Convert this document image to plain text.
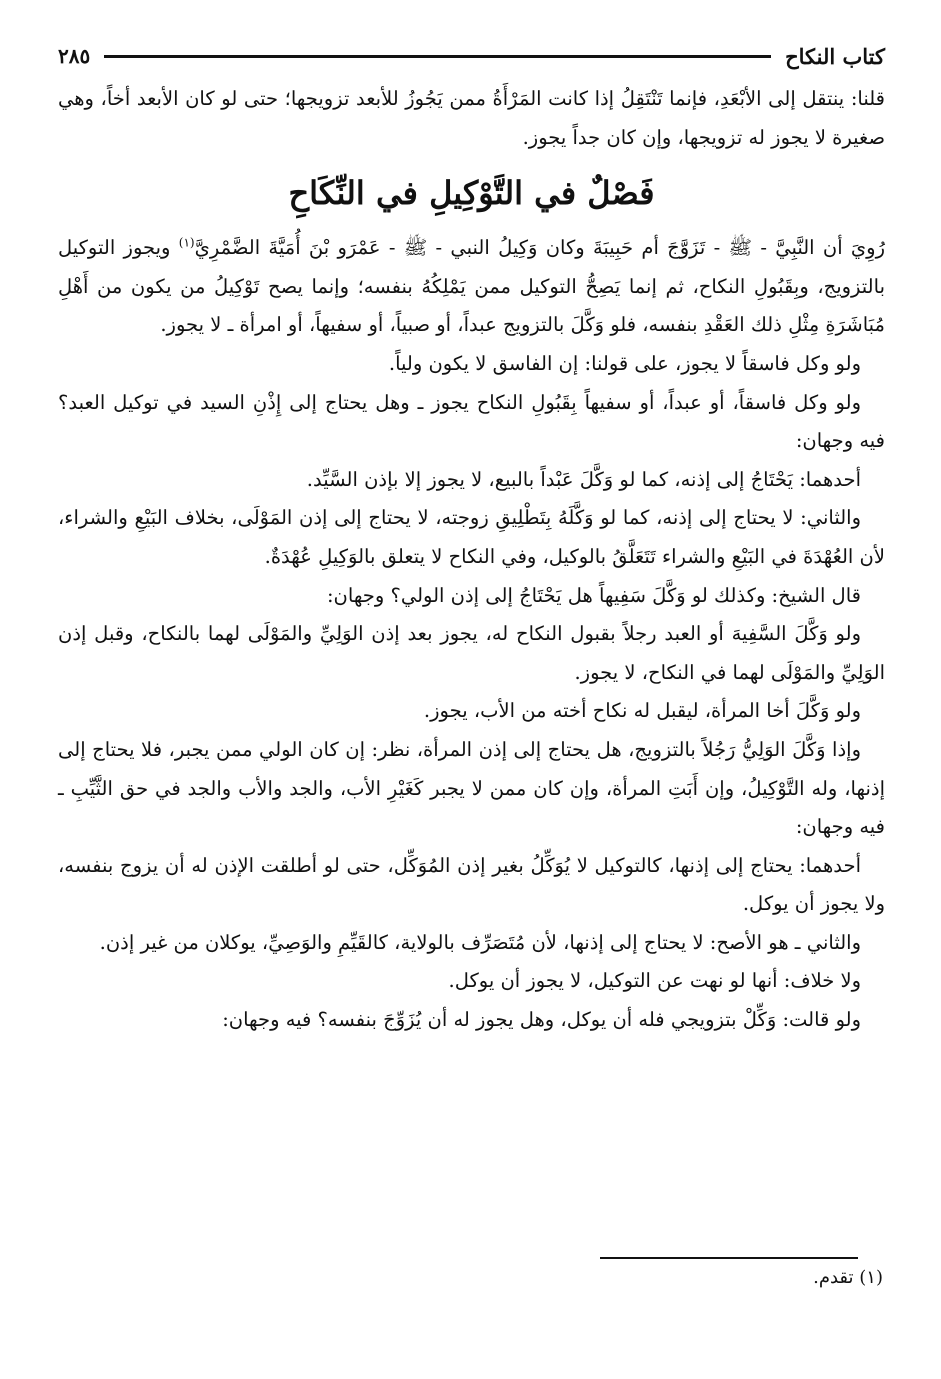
٢٨٥	كتاب النكاح

قلنا: ينتقل إلى الأبْعَدِ، فإنما تَنْتَقِلُ إذا كانت المَرْأَةُ ممن يَجُوزُ للأبعد تزويجها؛ حتى لو كان الأبعد أخاً، وهي صغيرة لا يجوز له تزويجها، وإن كان جداً يجوز.

فَصْلٌ في التَّوْكِيلِ في النِّكَاحِ

رُوِيَ أن النَّبِيَّ - ﷺ - تَزَوَّجَ أم حَبِيبَةَ وكان وَكِيلُ النبي - ﷺ - عَمْرَو بْنَ أُمَيَّةَ الضَّمْرِيَّ$^{(١)}$ ويجوز التوكيل بالتزويج، وبِقَبُولِ النكاح، ثم إنما يَصِحُّ التوكيل ممن يَمْلِكُهُ بنفسه؛ وإنما يصح تَوْكِيلُ من يكون من أَهْلِ مُبَاشَرَةِ مِثْلِ ذلك العَقْدِ بنفسه، فلو وَكَّلَ بالتزويج عبداً، أو صبياً، أو سفيهاً، أو امرأة ـ لا يجوز.

ولو وكل فاسقاً لا يجوز، على قولنا: إن الفاسق لا يكون ولياً.

ولو وكل فاسقاً، أو عبداً، أو سفيهاً بِقَبُولِ النكاح يجوز ـ وهل يحتاج إلى إِذْنِ السيد في توكيل العبد؟ فيه وجهان:

أحدهما: يَحْتَاجُ إلى إذنه، كما لو وَكَّلَ عَبْداً بالبيع، لا يجوز إلا بإذن السَّيِّد.

والثاني: لا يحتاج إلى إذنه، كما لو وَكَّلَهُ بِتَطْلِيقِ زوجته، لا يحتاج إلى إذن المَوْلَى، بخلاف البَيْعِ والشراء، لأن العُهْدَةَ في البَيْعِ والشراء تَتَعَلَّقُ بالوكيل، وفي النكاح لا يتعلق بالوَكِيلِ عُهْدَةٌ.

قال الشيخ: وكذلك لو وَكَّلَ سَفِيهاً هل يَحْتَاجُ إلى إذن الولي؟ وجهان:

ولو وَكَّلَ السَّفِيهَ أو العبد رجلاً بقبول النكاح له، يجوز بعد إذن الوَلِيِّ والمَوْلَى لهما بالنكاح، وقبل إذن الوَلِيِّ والمَوْلَى لهما في النكاح، لا يجوز.

ولو وَكَّلَ أخا المرأة، ليقبل له نكاح أخته من الأب، يجوز.

وإذا وَكَّلَ الوَلِيُّ رَجُلاً بالتزويج، هل يحتاج إلى إذن المرأة، نظر: إن كان الولي ممن يجبر، فلا يحتاج إلى إذنها، وله التَّوْكِيلُ، وإن أَبَتِ المرأة، وإن كان ممن لا يجبر كَغَيْرِ الأب، والجد والأب والجد في حق الثَّيِّبِ ـ فيه وجهان:

أحدهما: يحتاج إلى إذنها، كالتوكيل لا يُوَكِّلُ بغير إذن المُوَكِّل، حتى لو أطلقت الإذن له أن يزوج بنفسه، ولا يجوز أن يوكل.

والثاني ـ هو الأصح: لا يحتاج إلى إذنها، لأن مُتَصَرِّف بالولاية، كالقَيِّمِ والوَصِيِّ، يوكلان من غير إذن.

ولا خلاف: أنها لو نهت عن التوكيل، لا يجوز أن يوكل.

ولو قالت: وَكِّلْ بتزويجي فله أن يوكل، وهل يجوز له أن يُزَوِّجَ بنفسه؟ فيه وجهان:

(١) تقدم.
